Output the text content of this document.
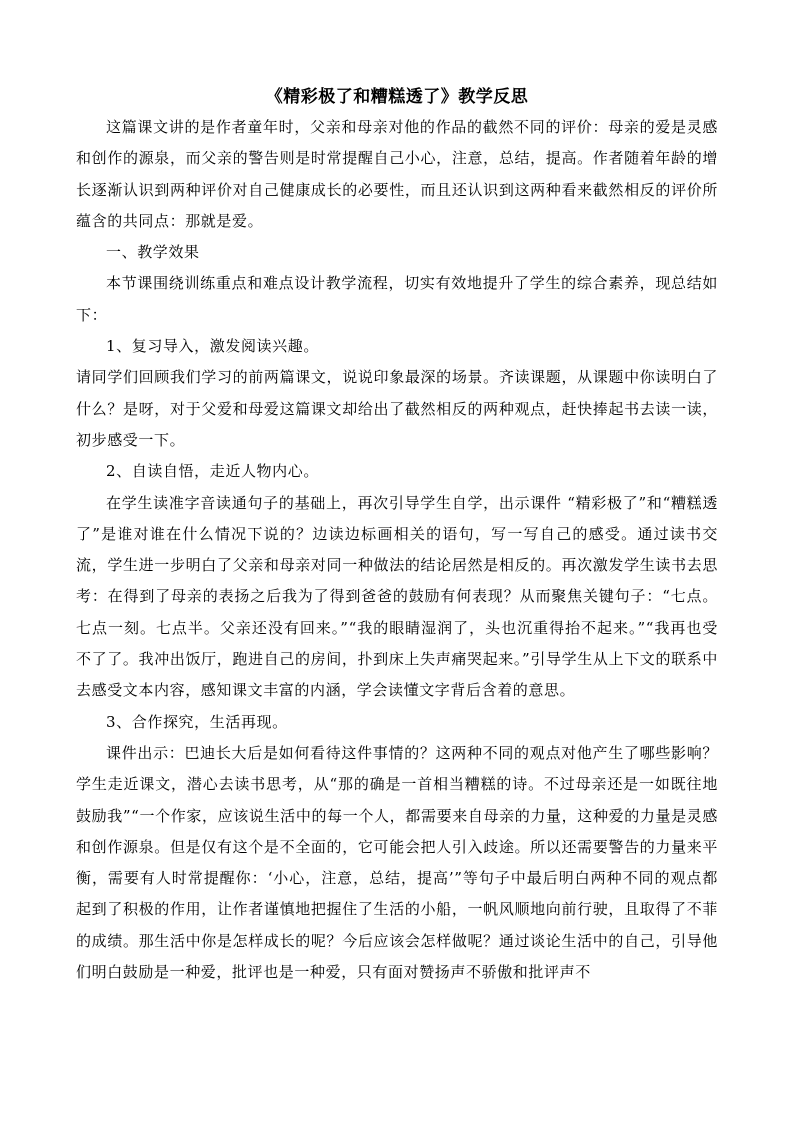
《精彩极了和糟糕透了》教学反思

这篇课文讲的是作者童年时，父亲和母亲对他的作品的截然不同的评价：母亲的爱是灵感和创作的源泉，而父亲的警告则是时常提醒自己小心，注意，总结，提高。作者随着年龄的增长逐渐认识到两种评价对自己健康成长的必要性，而且还认识到这两种看来截然相反的评价所蕴含的共同点：那就是爱。

一、教学效果

本节课围绕训练重点和难点设计教学流程，切实有效地提升了学生的综合素养，现总结如下：

1、复习导入，激发阅读兴趣。

请同学们回顾我们学习的前两篇课文，说说印象最深的场景。齐读课题，从课题中你读明白了什么？是呀，对于父爱和母爱这篇课文却给出了截然相反的两种观点，赶快捧起书去读一读，初步感受一下。

2、自读自悟，走近人物内心。

在学生读准字音读通句子的基础上，再次引导学生自学，出示课件 “精彩极了”和“糟糕透了”是谁对谁在什么情况下说的？边读边标画相关的语句，写一写自己的感受。通过读书交流，学生进一步明白了父亲和母亲对同一种做法的结论居然是相反的。再次激发学生读书去思考：在得到了母亲的表扬之后我为了得到爸爸的鼓励有何表现？从而聚焦关键句子：“七点。七点一刻。七点半。父亲还没有回来。”“我的眼睛湿润了，头也沉重得抬不起来。”“我再也受不了了。我冲出饭厅，跑进自己的房间，扑到床上失声痛哭起来。”引导学生从上下文的联系中去感受文本内容，感知课文丰富的内涵，学会读懂文字背后含着的意思。

3、合作探究，生活再现。

课件出示：巴迪长大后是如何看待这件事情的？这两种不同的观点对他产生了哪些影响？学生走近课文，潜心去读书思考，从“那的确是一首相当糟糕的诗。不过母亲还是一如既往地鼓励我”“一个作家，应该说生活中的每一个人，都需要来自母亲的力量，这种爱的力量是灵感和创作源泉。但是仅有这个是不全面的，它可能会把人引入歧途。所以还需要警告的力量来平衡，需要有人时常提醒你：‘小心，注意，总结，提高’”等句子中最后明白两种不同的观点都起到了积极的作用，让作者谨慎地把握住了生活的小船，一帆风顺地向前行驶，且取得了不菲的成绩。那生活中你是怎样成长的呢？今后应该会怎样做呢？通过谈论生活中的自己，引导他们明白鼓励是一种爱，批评也是一种爱，只有面对赞扬声不骄傲和批评声不
